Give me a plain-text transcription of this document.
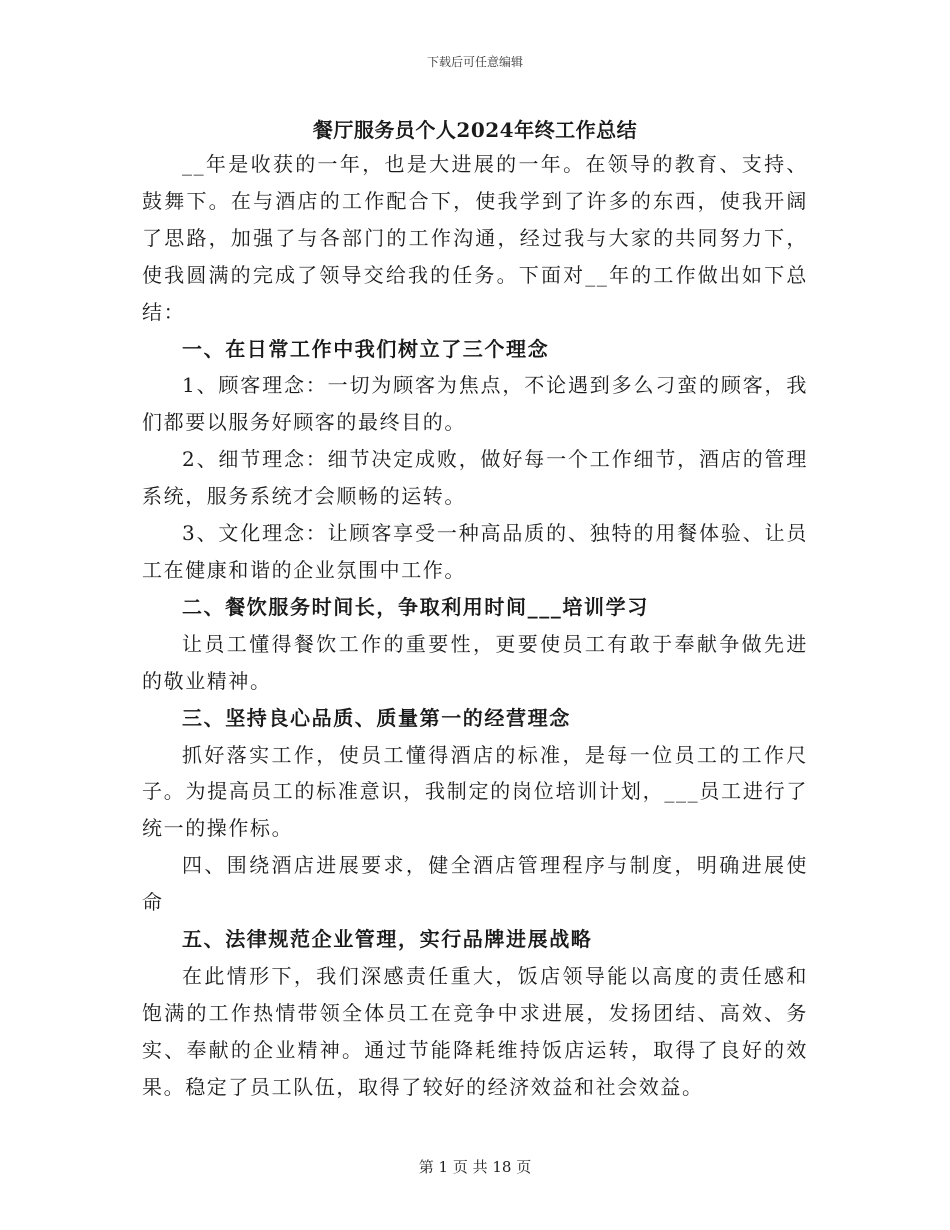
下载后可任意编辑
餐厅服务员个人2024年终工作总结

__年是收获的一年，也是大进展的一年。在领导的教育、支持、鼓舞下。在与酒店的工作配合下，使我学到了许多的东西，使我开阔了思路，加强了与各部门的工作沟通，经过我与大家的共同努力下，使我圆满的完成了领导交给我的任务。下面对__年的工作做出如下总结：

一、在日常工作中我们树立了三个理念

1、顾客理念：一切为顾客为焦点，不论遇到多么刁蛮的顾客，我们都要以服务好顾客的最终目的。

2、细节理念：细节决定成败，做好每一个工作细节，酒店的管理系统，服务系统才会顺畅的运转。

3、文化理念：让顾客享受一种高品质的、独特的用餐体验、让员工在健康和谐的企业氛围中工作。

二、餐饮服务时间长，争取利用时间___培训学习

让员工懂得餐饮工作的重要性，更要使员工有敢于奉献争做先进的敬业精神。

三、坚持良心品质、质量第一的经营理念

抓好落实工作，使员工懂得酒店的标准，是每一位员工的工作尺子。为提高员工的标准意识，我制定的岗位培训计划，___员工进行了统一的操作标。

四、围绕酒店进展要求，健全酒店管理程序与制度，明确进展使命

五、法律规范企业管理，实行品牌进展战略

在此情形下，我们深感责任重大，饭店领导能以高度的责任感和饱满的工作热情带领全体员工在竞争中求进展，发扬团结、高效、务实、奉献的企业精神。通过节能降耗维持饭店运转，取得了良好的效果。稳定了员工队伍，取得了较好的经济效益和社会效益。

第 1 页 共 18 页
